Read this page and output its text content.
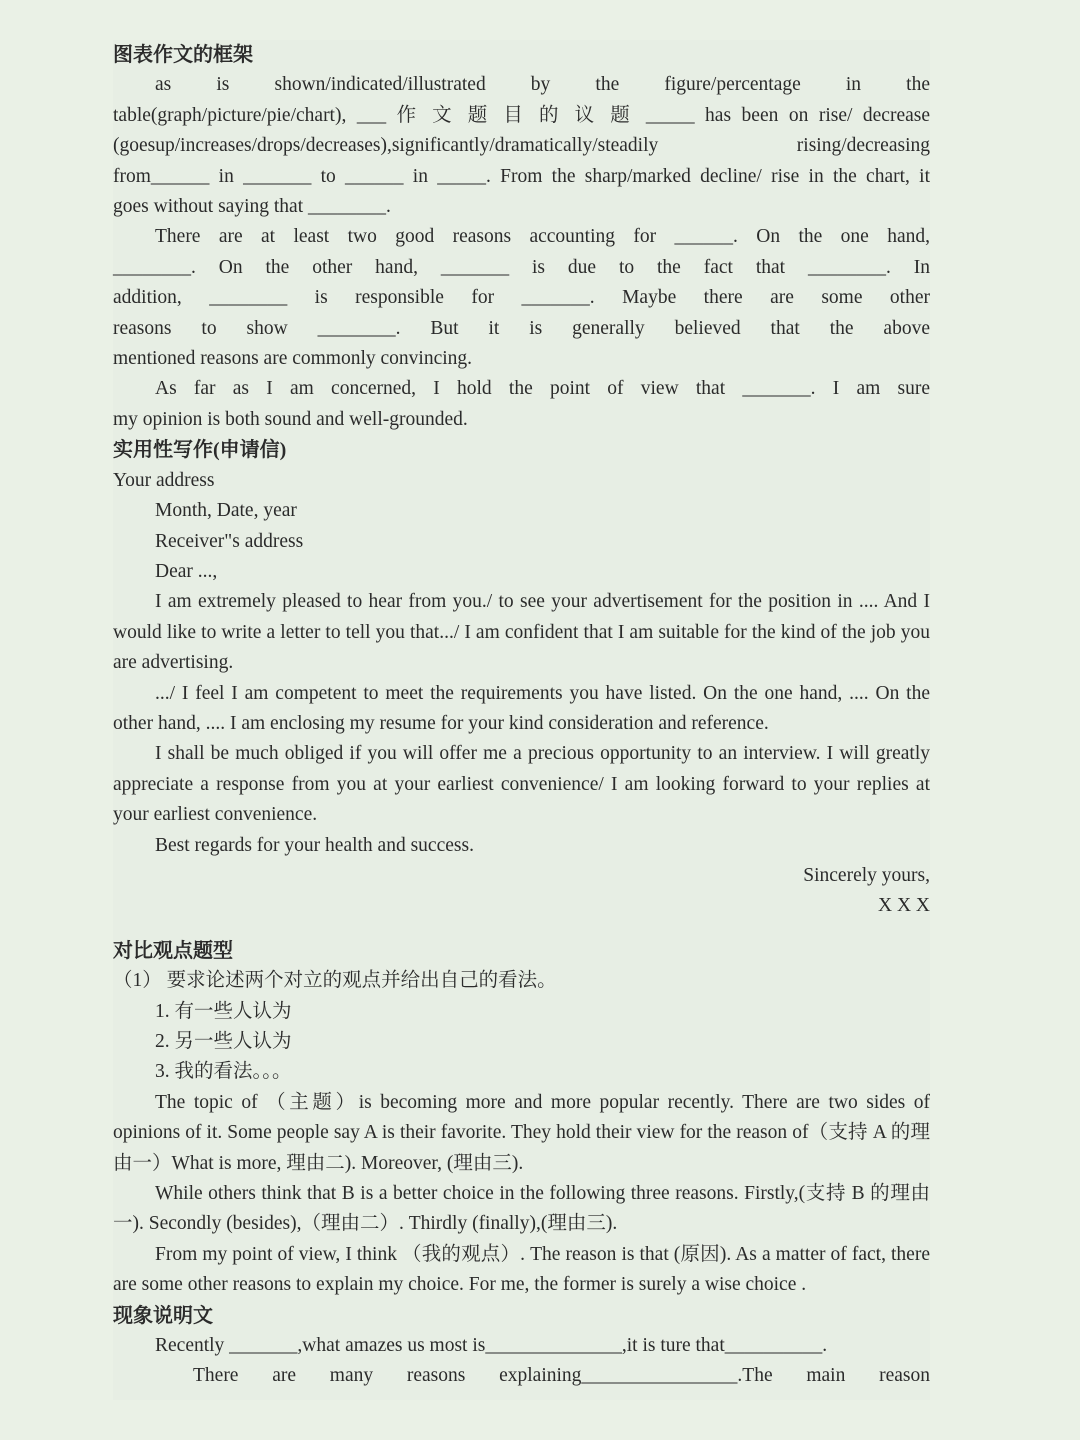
图表作文的框架

as is shown/indicated/illustrated by the figure/percentage in the

table(graph/picture/pie/chart), ___ 作 文 题 目 的 议 题 _____ has been on rise/ decrease

(goesup/increases/drops/decreases),significantly/dramatically/steadily rising/decreasing

from______ in _______ to ______ in _____. From the sharp/marked decline/ rise in the chart, it

goes without saying that ________.

There are at least two good reasons accounting for ______. On the one hand,

________. On the other hand, _______ is due to the fact that ________. In

addition, ________ is responsible for _______. Maybe there are some other

reasons to show ________. But it is generally believed that the above

mentioned reasons are commonly convincing.

As far as I am concerned, I hold the point of view that _______. I am sure

my opinion is both sound and well-grounded.

实用性写作(申请信)

Your address

Month, Date, year

Receiver"s address

Dear ...,

I am extremely pleased to hear from you./ to see your advertisement for the position in .... And I would like to write a letter to tell you that.../ I am confident that I am suitable for the kind of the job you are advertising.

.../ I feel I am competent to meet the requirements you have listed. On the one hand, .... On the other hand, .... I am enclosing my resume for your kind consideration and reference.

I shall be much obliged if you will offer me a precious opportunity to an interview. I will greatly appreciate a response from you at your earliest convenience/ I am looking forward to your replies at your earliest convenience.

Best regards for your health and success.

Sincerely yours,

X X X

对比观点题型

（1） 要求论述两个对立的观点并给出自己的看法。

1. 有一些人认为

2. 另一些人认为

3. 我的看法。。。

The topic of （主题）is becoming more and more popular recently. There are two sides of opinions of it. Some people say A is their favorite. They hold their view for the reason of（支持 A 的理由一）What is more, 理由二). Moreover, (理由三).

While others think that B is a better choice in the following three reasons. Firstly,(支持 B 的理由一). Secondly (besides),（理由二）. Thirdly (finally),(理由三).

From my point of view, I think （我的观点）. The reason is that (原因). As a matter of fact, there are some other reasons to explain my choice. For me, the former is surely a wise choice .

现象说明文

Recently _______,what amazes us most is______________,it is ture that__________.

There are many reasons explaining________________.The main reason
